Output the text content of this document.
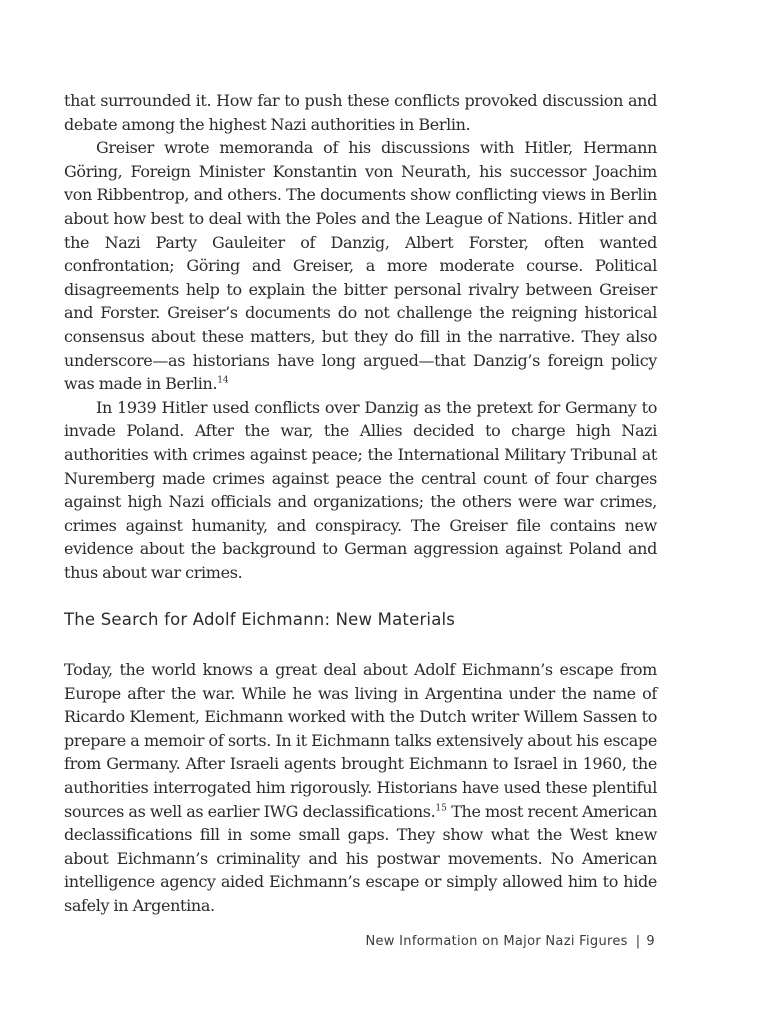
that surrounded it. How far to push these conflicts provoked discussion and debate among the highest Nazi authorities in Berlin.

Greiser wrote memoranda of his discussions with Hitler, Hermann Göring, Foreign Minister Konstantin von Neurath, his successor Joachim von Ribbentrop, and others. The documents show conflicting views in Berlin about how best to deal with the Poles and the League of Nations. Hitler and the Nazi Party Gauleiter of Danzig, Albert Forster, often wanted confrontation; Göring and Greiser, a more moderate course. Political disagreements help to explain the bitter personal rivalry between Greiser and Forster. Greiser’s documents do not challenge the reigning historical consensus about these matters, but they do fill in the narrative. They also underscore—as historians have long argued—that Danzig’s foreign policy was made in Berlin.$^{14}$

In 1939 Hitler used conflicts over Danzig as the pretext for Germany to invade Poland. After the war, the Allies decided to charge high Nazi authorities with crimes against peace; the International Military Tribunal at Nuremberg made crimes against peace the central count of four charges against high Nazi officials and organizations; the others were war crimes, crimes against humanity, and conspiracy. The Greiser file contains new evidence about the background to German aggression against Poland and thus about war crimes.

The Search for Adolf Eichmann: New Materials

Today, the world knows a great deal about Adolf Eichmann’s escape from Europe after the war. While he was living in Argentina under the name of Ricardo Klement, Eichmann worked with the Dutch writer Willem Sassen to prepare a memoir of sorts. In it Eichmann talks extensively about his escape from Germany. After Israeli agents brought Eichmann to Israel in 1960, the authorities interrogated him rigorously. Historians have used these plentiful sources as well as earlier IWG declassifications.$^{15}$ The most recent American declassifications fill in some small gaps. They show what the West knew about Eichmann’s criminality and his postwar movements. No American intelligence agency aided Eichmann’s escape or simply allowed him to hide safely in Argentina.

New Information on Major Nazi Figures | 9
